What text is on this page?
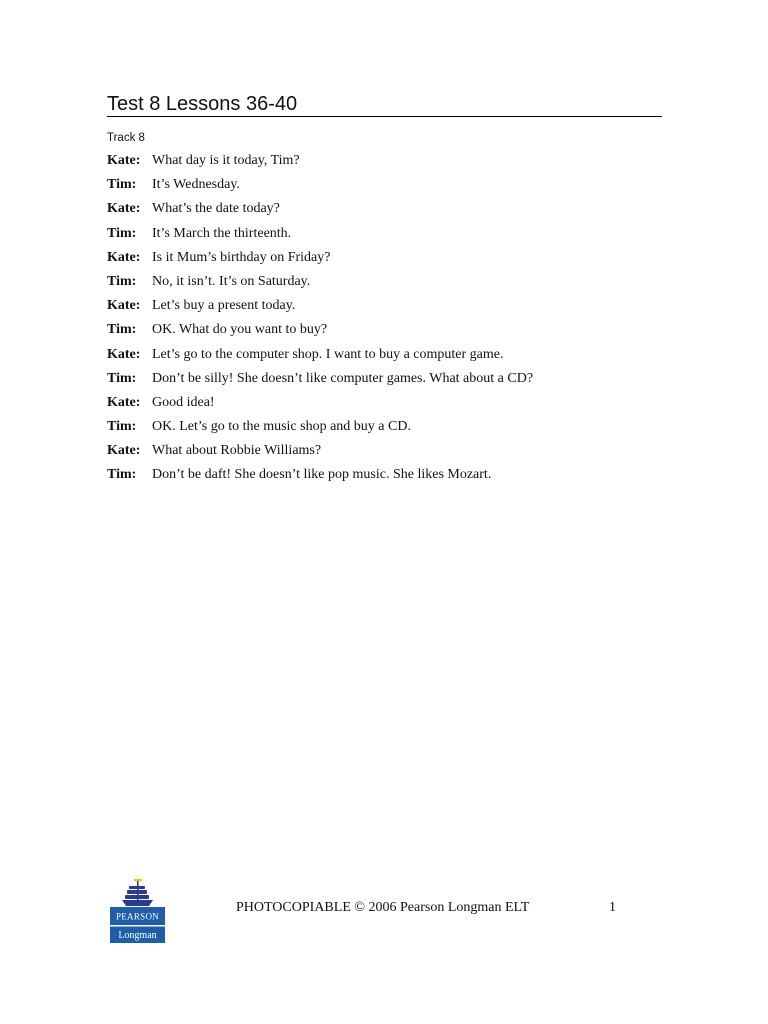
Test 8 Lessons 36-40
Track 8
Kate: What day is it today, Tim?
Tim: It’s Wednesday.
Kate: What’s the date today?
Tim: It’s March the thirteenth.
Kate: Is it Mum’s birthday on Friday?
Tim: No, it isn’t. It’s on Saturday.
Kate: Let’s buy a present today.
Tim: OK. What do you want to buy?
Kate: Let’s go to the computer shop. I want to buy a computer game.
Tim: Don’t be silly! She doesn’t like computer games. What about a CD?
Kate: Good idea!
Tim: OK. Let’s go to the music shop and buy a CD.
Kate: What about Robbie Williams?
Tim: Don’t be daft! She doesn’t like pop music. She likes Mozart.
PEARSON
Longman
PHOTOCOPIABLE © 2006 Pearson Longman ELT	1
